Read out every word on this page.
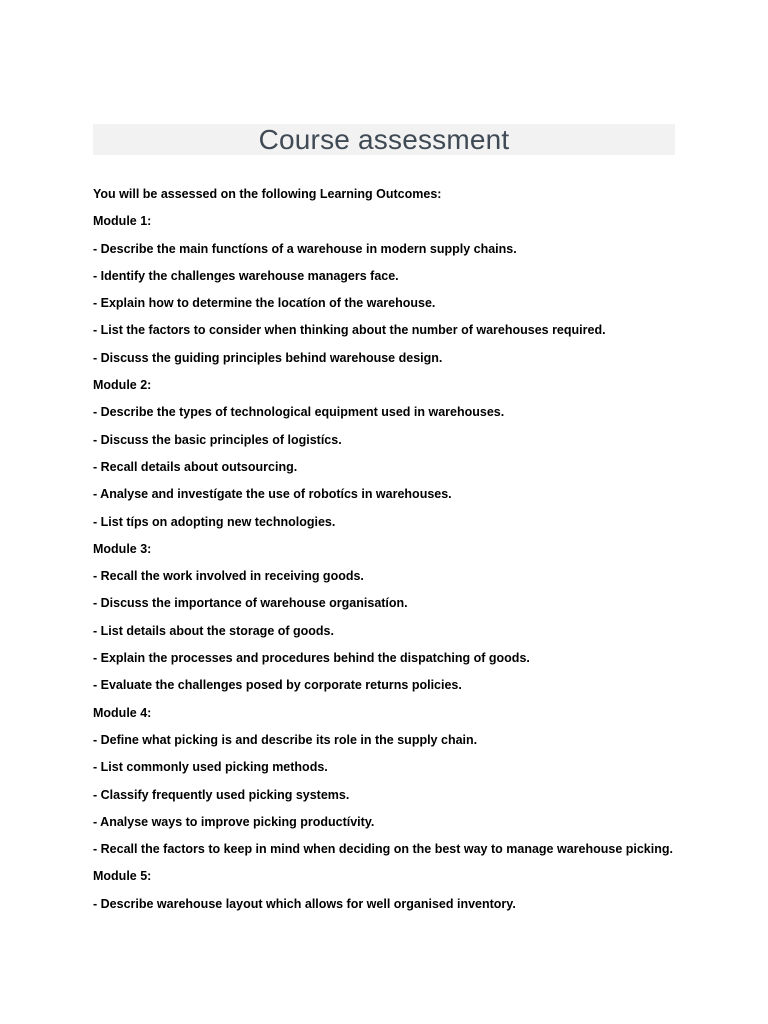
Course assessment
You will be assessed on the following Learning Outcomes:
Module 1:
- Describe the main functíons of a warehouse in modern supply chains.
- Identify the challenges warehouse managers face.
- Explain how to determine the locatíon of the warehouse.
- List the factors to consider when thinking about the number of warehouses required.
- Discuss the guiding principles behind warehouse design.
Module 2:
- Describe the types of technological equipment used in warehouses.
- Discuss the basic principles of logistícs.
- Recall details about outsourcing.
- Analyse and investígate the use of robotícs in warehouses.
- List típs on adopting new technologies.
Module 3:
- Recall the work involved in receiving goods.
- Discuss the importance of warehouse organisatíon.
- List details about the storage of goods.
- Explain the processes and procedures behind the dispatching of goods.
- Evaluate the challenges posed by corporate returns policies.
Module 4:
- Define what picking is and describe its role in the supply chain.
- List commonly used picking methods.
- Classify frequently used picking systems.
- Analyse ways to improve picking productívity.
- Recall the factors to keep in mind when deciding on the best way to manage warehouse picking.
Module 5:
- Describe warehouse layout which allows for well organised inventory.
